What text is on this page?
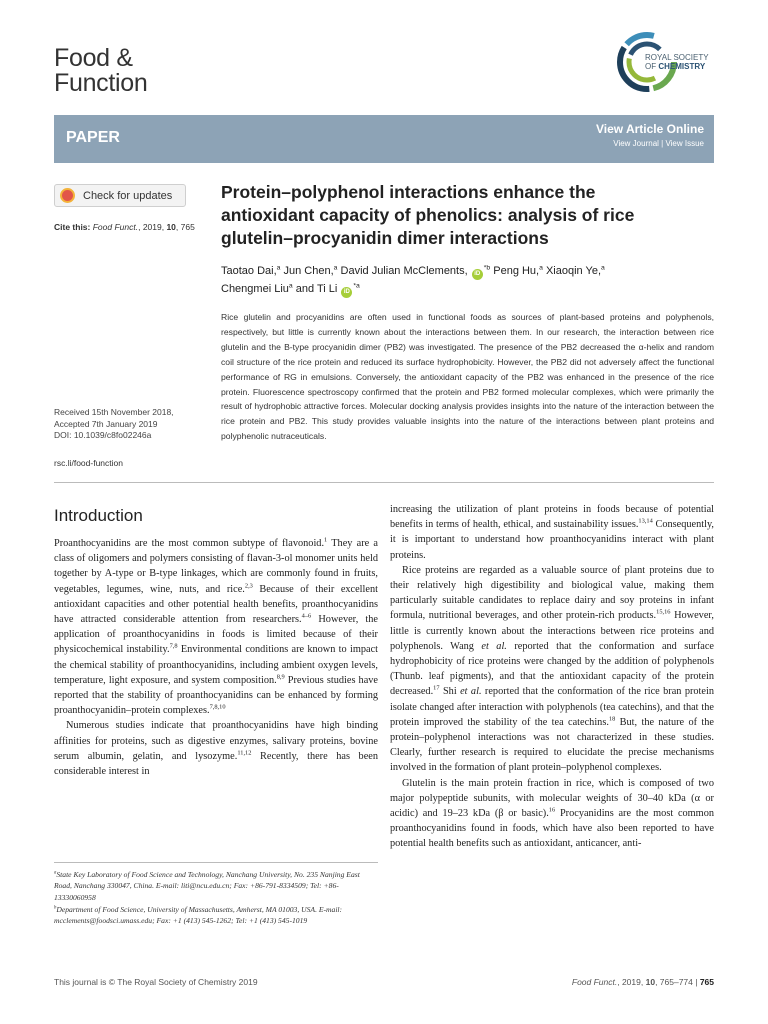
Food &
Function
ROYAL SOCIETY
OF CHEMISTRY
PAPER	View Article Online
View Journal | View Issue
Check for updates
Cite this: Food Funct., 2019, 10, 765
Received 15th November 2018,
Accepted 7th January 2019
DOI: 10.1039/c8fo02246a
rsc.li/food-function
Protein–polyphenol interactions enhance the antioxidant capacity of phenolics: analysis of rice glutelin–procyanidin dimer interactions
Taotao Dai,$^a$ Jun Chen,$^a$ David Julian McClements, $iD^{*b}$ Peng Hu,$^a$ Xiaoqin Ye,$^a$
Chengmei Liu$^a$ and Ti Li $iD^{*a}$
Rice glutelin and procyanidins are often used in functional foods as sources of plant-based proteins and polyphenols, respectively, but little is currently known about the interactions between them. In our research, the interaction between rice glutelin and the B-type procyanidin dimer (PB2) was investigated. The presence of the PB2 decreased the α-helix and random coil structure of the rice protein and reduced its surface hydrophobicity. However, the PB2 did not adversely affect the functional performance of RG in emulsions. Conversely, the antioxidant capacity of the PB2 was enhanced in the presence of the rice protein. Fluorescence spectroscopy confirmed that the protein and PB2 formed molecular complexes, which were primarily the result of hydrophobic attractive forces. Molecular docking analysis provides insights into the nature of the interaction between the rice protein and PB2. This study provides valuable insights into the nature of the interactions between plant proteins and polyphenolic nutraceuticals.
Introduction

Proanthocyanidins are the most common subtype of flavonoid.$^1$ They are a class of oligomers and polymers consisting of flavan-3-ol monomer units held together by A-type or B-type linkages, which are commonly found in fruits, vegetables, legumes, wine, nuts, and rice.$^{2,3}$ Because of their excellent antioxidant capacities and other potential health benefits, proanthocyanidins have attracted considerable attention from researchers.$^{4-6}$ However, the application of proanthocyanidins in foods is limited because of their physicochemical instability.$^{7,8}$ Environmental conditions are known to impact the chemical stability of proanthocyanidins, including ambient oxygen levels, temperature, light exposure, and system composition.$^{8,9}$ Previous studies have reported that the stability of proanthocyanidins can be enhanced by forming proanthocyanidin–protein complexes.$^{7,8,10}$

Numerous studies indicate that proanthocyanidins have high binding affinities for proteins, such as digestive enzymes, salivary proteins, bovine serum albumin, gelatin, and lysozyme.$^{11,12}$ Recently, there has been considerable interest in

increasing the utilization of plant proteins in foods because of potential benefits in terms of health, ethical, and sustainability issues.$^{13,14}$ Consequently, it is important to understand how proanthocyanidins interact with plant proteins.

Rice proteins are regarded as a valuable source of plant proteins due to their relatively high digestibility and biological value, making them particularly suitable candidates to replace dairy and soy proteins in infant formula, nutritional beverages, and other protein-rich products.$^{15,16}$ However, little is currently known about the interactions between rice proteins and polyphenols. Wang et al. reported that the conformation and surface hydrophobicity of rice proteins were changed by the addition of polyphenols (Thunb. leaf pigments), and that the antioxidant capacity of the protein decreased.$^{17}$ Shi et al. reported that the conformation of the rice bran protein isolate changed after interaction with polyphenols (tea catechins), and that the protein improved the stability of the tea catechins.$^{18}$ But, the nature of the protein–polyphenol interactions was not characterized in these studies. Clearly, further research is required to elucidate the precise mechanisms involved in the formation of plant protein–polyphenol complexes.

Glutelin is the main protein fraction in rice, which is composed of two major polypeptide subunits, with molecular weights of 30–40 kDa (α or acidic) and 19–23 kDa (β or basic).$^{16}$ Procyanidins are the most common proanthocyanidins found in foods, which have also been reported to have potential health benefits such as antioxidant, anticancer, anti-

$^a$State Key Laboratory of Food Science and Technology, Nanchang University, No. 235 Nanjing East Road, Nanchang 330047, China. E-mail: liti@ncu.edu.cn; Fax: +86-791-8334509; Tel: +86-13330060958

$^b$Department of Food Science, University of Massachusetts, Amherst, MA 01003, USA. E-mail: mcclements@foodsci.umass.edu; Fax: +1 (413) 545-1262; Tel: +1 (413) 545-1019

This journal is © The Royal Society of Chemistry 2019	Food Funct., 2019, 10, 765–774 | 765
